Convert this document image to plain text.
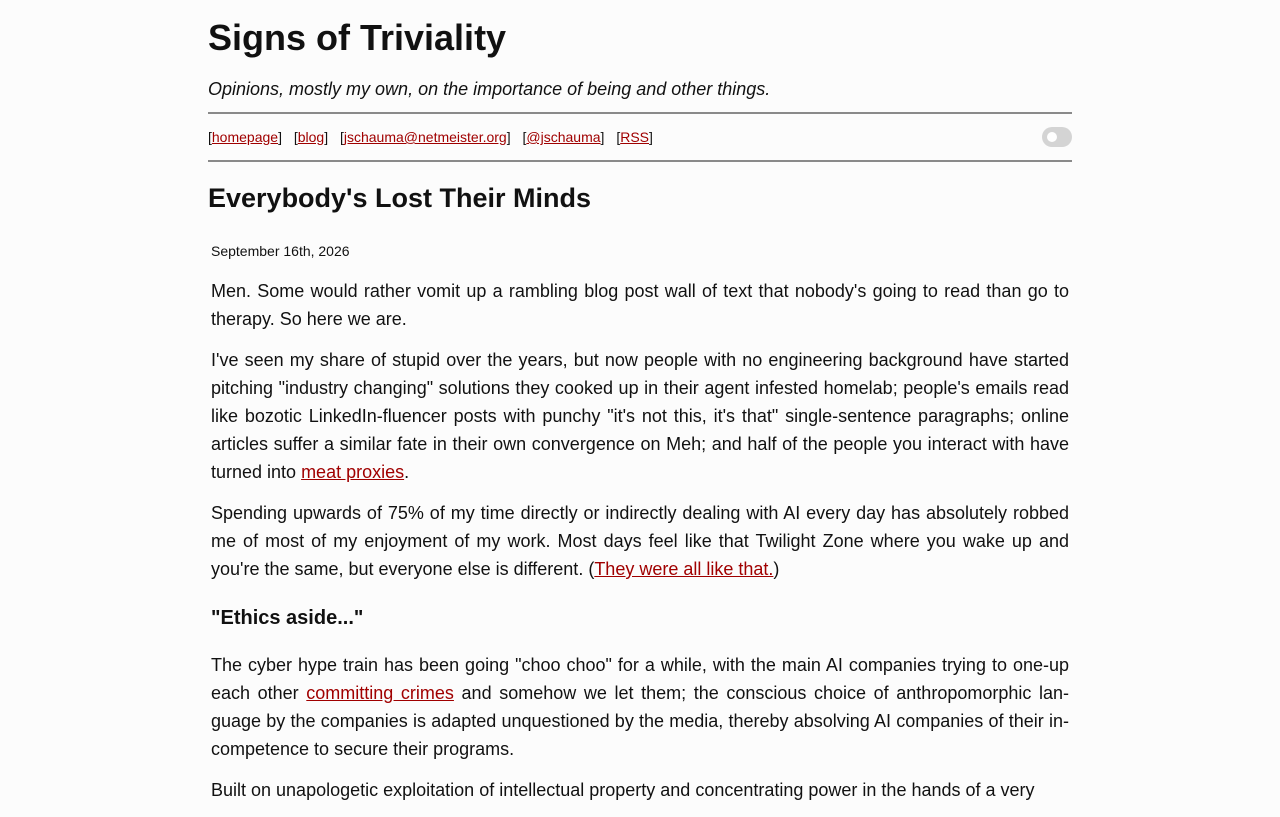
Signs of Triviality

Opinions, mostly my own, on the importance of being and other things.

[homepage] [blog] [jschauma@netmeister.org] [@jschauma] [RSS]
Everybody's Lost Their Minds
September 16th, 2026

Men. Some would rather vomit up a rambling blog post wall of text that nobody's going to read than go to therapy. So here we are.

I've seen my share of stupid over the years, but now people with no engineering background have started pitching "industry changing" solutions they cooked up in their agent infested homelab; people's emails read like bozotic LinkedIn-fluencer posts with punchy "it's not this, it's that" single-sentence paragraphs; online articles suffer a similar fate in their own convergence on Meh; and half of the people you interact with have turned into meat proxies.

Spending upwards of 75% of my time directly or indirectly dealing with AI every day has absolutely robbed me of most of my enjoyment of my work. Most days feel like that Twilight Zone where you wake up and you're the same, but everyone else is different. (They were all like that.)

"Ethics aside..."

The cyber hype train has been going "choo choo" for a while, with the main AI companies trying to one-up each other committing crimes and somehow we let them; the conscious choice of anthropomorphic language by the companies is adapted unquestioned by the media, thereby absolving AI companies of their incompetence to secure their programs.

Built on unapologetic exploitation of intellectual property and concentrating power in the hands of a very
